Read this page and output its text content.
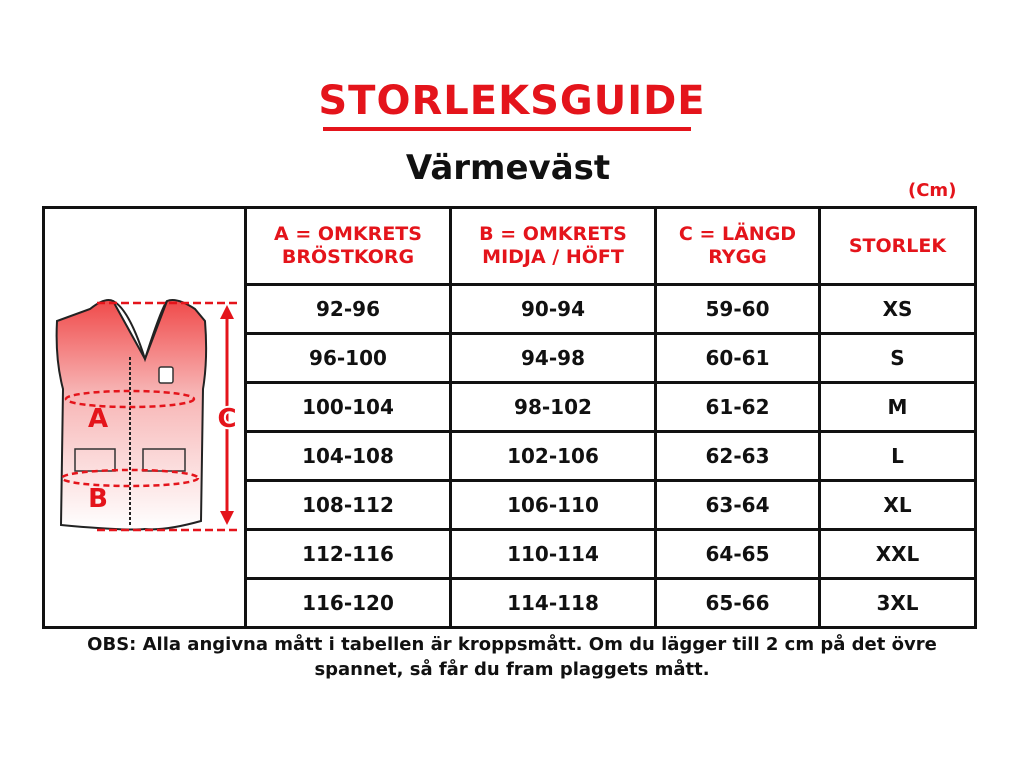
STORLEKSGUIDE
Värmeväst
(Cm)
A
B
C	A = OMKRETS BRÖSTKORG	B = OMKRETS MIDJA / HÖFT	C = LÄNGD RYGG	STORLEK
	92-96	90-94	59-60	XS
	96-100	94-98	60-61	S
	100-104	98-102	61-62	M
	104-108	102-106	62-63	L
	108-112	106-110	63-64	XL
	112-116	110-114	64-65	XXL
	116-120	114-118	65-66	3XL
OBS: Alla angivna mått i tabellen är kroppsmått. Om du lägger till 2 cm på det övre spannet, så får du fram plaggets mått.
